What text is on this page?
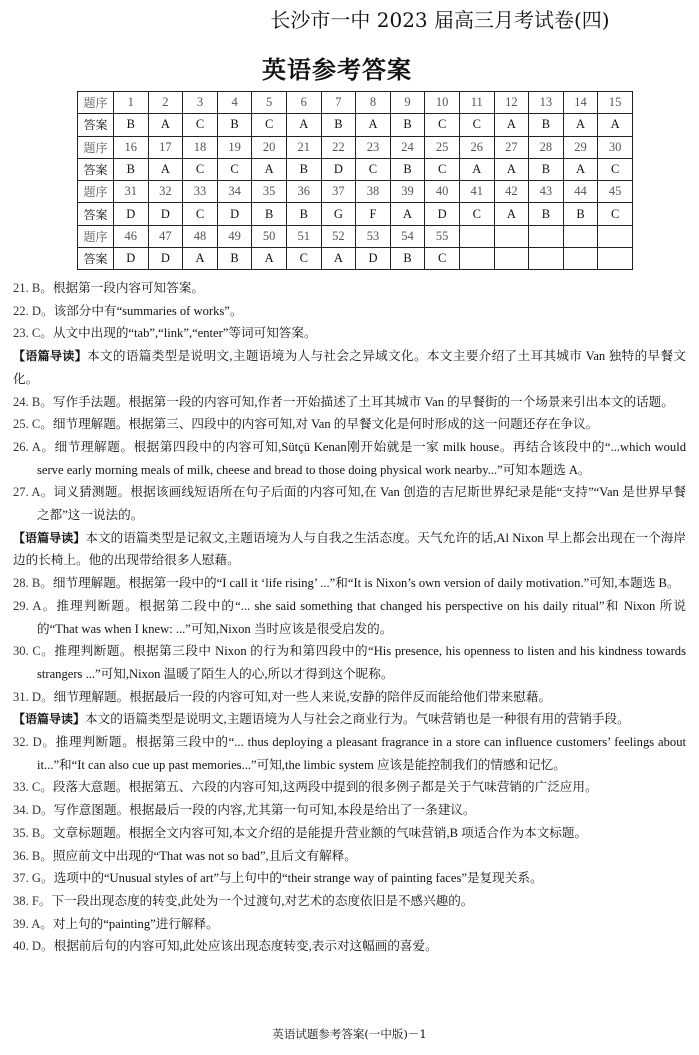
长沙市一中 2023 届高三月考试卷(四)
英语参考答案
题序	1	2	3	4	5	6	7	8	9	10	11	12	13	14	15
答案	B	A	C	B	C	A	B	A	B	C	C	A	B	A	A
题序	16	17	18	19	20	21	22	23	24	25	26	27	28	29	30
答案	B	A	C	C	A	B	D	C	B	C	A	A	B	A	C
题序	31	32	33	34	35	36	37	38	39	40	41	42	43	44	45
答案	D	D	C	D	B	B	G	F	A	D	C	A	B	B	C
题序	46	47	48	49	50	51	52	53	54	55					
答案	D	D	A	B	A	C	A	D	B	C					
21. B。根据第一段内容可知答案。
22. D。该部分中有“summaries of works”。
23. C。从文中出现的“tab”,“link”,“enter”等词可知答案。
【语篇导读】本文的语篇类型是说明文,主题语境为人与社会之异域文化。本文主要介绍了土耳其城市 Van 独特的早餐文化。
24. B。写作手法题。根据第一段的内容可知,作者一开始描述了土耳其城市 Van 的早餐街的一个场景来引出本文的话题。
25. C。细节理解题。根据第三、四段中的内容可知,对 Van 的早餐文化是何时形成的这一问题还存在争议。
26. A。细节理解题。根据第四段中的内容可知,Sütçü Kenan刚开始就是一家 milk house。再结合该段中的“...which would serve early morning meals of milk, cheese and bread to those doing physical work nearby...”可知本题选 A。
27. A。词义猜测题。根据该画线短语所在句子后面的内容可知,在 Van 创造的吉尼斯世界纪录是能“支持”“Van 是世界早餐之都”这一说法的。
【语篇导读】本文的语篇类型是记叙文,主题语境为人与自我之生活态度。天气允许的话,Al Nixon 早上都会出现在一个海岸边的长椅上。他的出现带给很多人慰藉。
28. B。细节理解题。根据第一段中的“I call it ‘life rising’ ...”和“It is Nixon’s own version of daily motivation.”可知,本题选 B。
29. A。推理判断题。根据第二段中的“... she said something that changed his perspective on his daily ritual”和 Nixon 所说的“That was when I knew: ...”可知,Nixon 当时应该是很受启发的。
30. C。推理判断题。根据第三段中 Nixon 的行为和第四段中的“His presence, his openness to listen and his kindness towards strangers ...”可知,Nixon 温暖了陌生人的心,所以才得到这个昵称。
31. D。细节理解题。根据最后一段的内容可知,对一些人来说,安静的陪伴反而能给他们带来慰藉。
【语篇导读】本文的语篇类型是说明文,主题语境为人与社会之商业行为。气味营销也是一种很有用的营销手段。
32. D。推理判断题。根据第三段中的“... thus deploying a pleasant fragrance in a store can influence customers’ feelings about it...”和“It can also cue up past memories...”可知,the limbic system 应该是能控制我们的情感和记忆。
33. C。段落大意题。根据第五、六段的内容可知,这两段中提到的很多例子都是关于气味营销的广泛应用。
34. D。写作意图题。根据最后一段的内容,尤其第一句可知,本段是给出了一条建议。
35. B。文章标题题。根据全文内容可知,本文介绍的是能提升营业额的气味营销,B 项适合作为本文标题。
36. B。照应前文中出现的“That was not so bad”,且后文有解释。
37. G。选项中的“Unusual styles of art”与上句中的“their strange way of painting faces”是复现关系。
38. F。下一段出现态度的转变,此处为一个过渡句,对艺术的态度依旧是不感兴趣的。
39. A。对上句的“painting”进行解释。
40. D。根据前后句的内容可知,此处应该出现态度转变,表示对这幅画的喜爱。
英语试题参考答案(一中版)－1
